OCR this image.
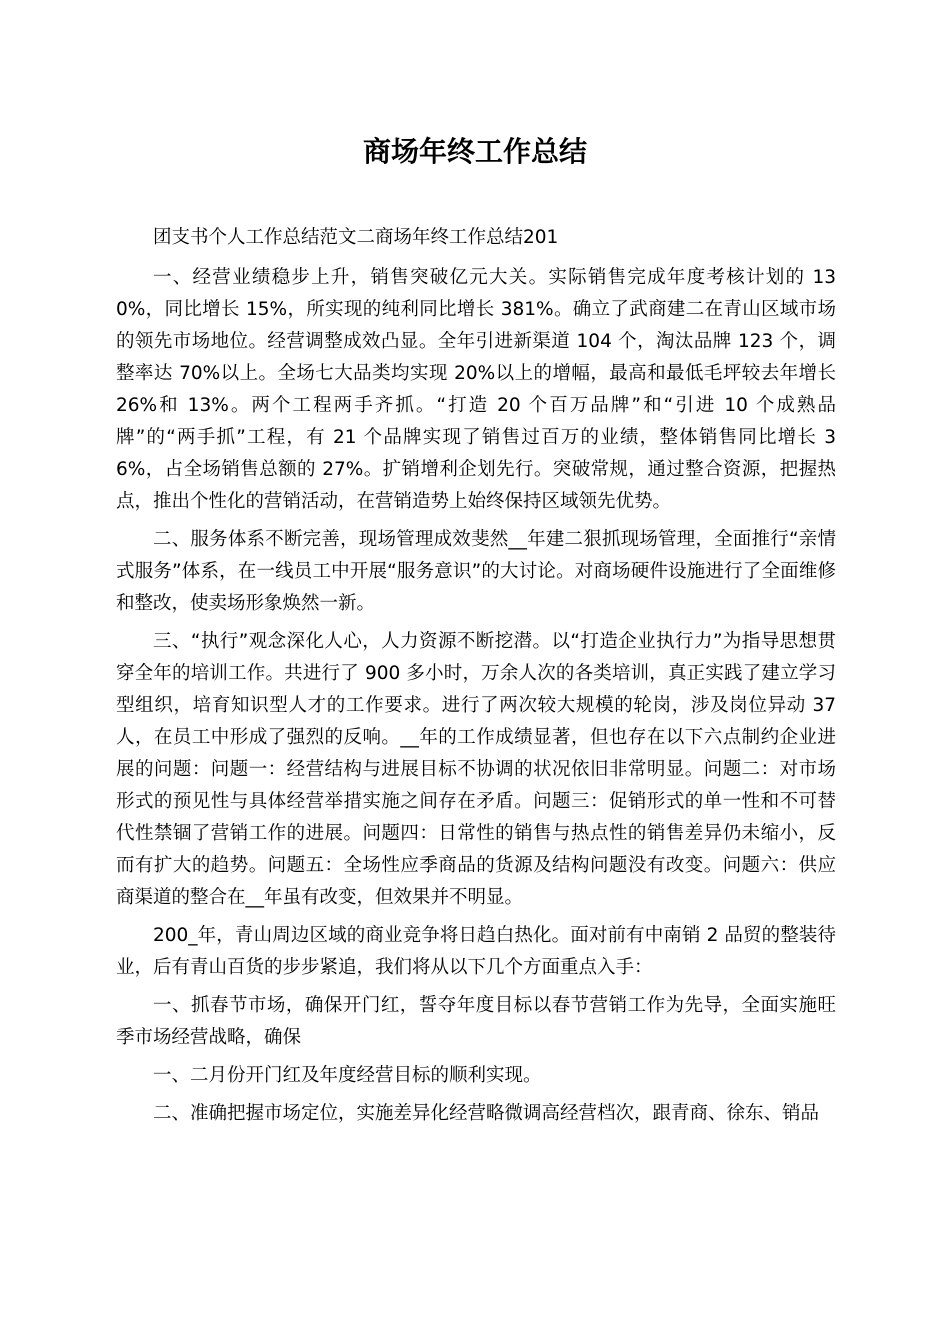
商场年终工作总结

团支书个人工作总结范文二商场年终工作总结201

一、经营业绩稳步上升，销售突破亿元大关。实际销售完成年度考核计划的 130%，同比增长 15%，所实现的纯利同比增长 381%。确立了武商建二在青山区域市场的领先市场地位。经营调整成效凸显。全年引进新渠道 104 个，淘汰品牌 123 个，调整率达 70%以上。全场七大品类均实现 20%以上的增幅，最高和最低毛坪较去年增长 26%和 13%。两个工程两手齐抓。“打造 20 个百万品牌”和“引进 10 个成熟品牌”的“两手抓”工程，有 21 个品牌实现了销售过百万的业绩，整体销售同比增长 36%，占全场销售总额的 27%。扩销增利企划先行。突破常规，通过整合资源，把握热点，推出个性化的营销活动，在营销造势上始终保持区域领先优势。

二、服务体系不断完善，现场管理成效斐然__年建二狠抓现场管理，全面推行“亲情式服务”体系，在一线员工中开展“服务意识”的大讨论。对商场硬件设施进行了全面维修和整改，使卖场形象焕然一新。

三、“执行”观念深化人心，人力资源不断挖潜。以“打造企业执行力”为指导思想贯穿全年的培训工作。共进行了 900 多小时，万余人次的各类培训，真正实践了建立学习型组织，培育知识型人才的工作要求。进行了两次较大规模的轮岗，涉及岗位异动 37 人，在员工中形成了强烈的反响。__年的工作成绩显著，但也存在以下六点制约企业进展的问题：问题一：经营结构与进展目标不协调的状况依旧非常明显。问题二：对市场形式的预见性与具体经营举措实施之间存在矛盾。问题三：促销形式的单一性和不可替代性禁锢了营销工作的进展。问题四：日常性的销售与热点性的销售差异仍未缩小，反而有扩大的趋势。问题五：全场性应季商品的货源及结构问题没有改变。问题六：供应商渠道的整合在__年虽有改变，但效果并不明显。

200_年，青山周边区域的商业竞争将日趋白热化。面对前有中南销 2 品贸的整装待业，后有青山百货的步步紧追，我们将从以下几个方面重点入手：

一、抓春节市场，确保开门红，誓夺年度目标以春节营销工作为先导，全面实施旺季市场经营战略，确保

一、二月份开门红及年度经营目标的顺利实现。

二、准确把握市场定位，实施差异化经营略微调高经营档次，跟青商、徐东、销品
